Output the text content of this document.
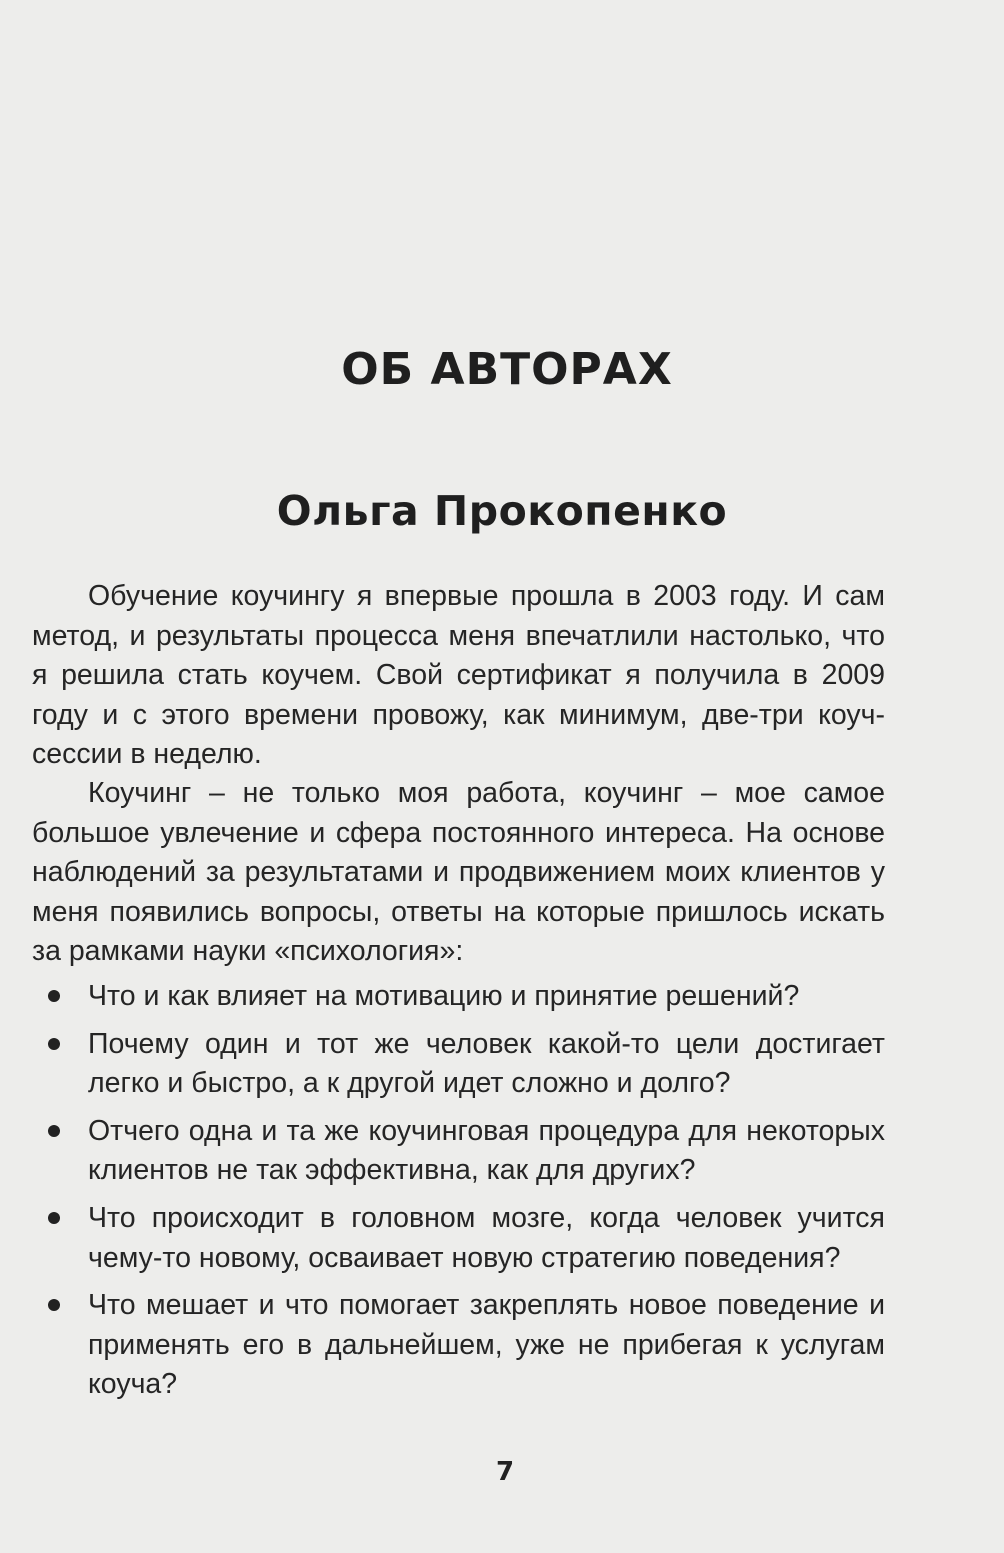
ОБ АВТОРАХ
Ольга Прокопенко

Обучение коучингу я впервые прошла в 2003 году. И сам метод, и результаты процесса меня впечатлили настолько, что я решила стать коучем. Свой сертификат я получила в 2009 году и с этого времени провожу, как минимум, две-три коуч-сессии в неделю.

Коучинг – не только моя работа, коучинг – мое самое большое увлечение и сфера постоянного интереса. На основе наблюдений за результатами и продвижением моих клиентов у меня появились вопросы, ответы на которые пришлось искать за рамками науки «психология»:

Что и как влияет на мотивацию и принятие решений?
Почему один и тот же человек какой-то цели достигает легко и быстро, а к другой идет сложно и долго?
Отчего одна и та же коучинговая процедура для некоторых клиентов не так эффективна, как для других?
Что происходит в головном мозге, когда человек учится чему-то новому, осваивает новую стратегию поведения?
Что мешает и что помогает закреплять новое поведение и применять его в дальнейшем, уже не прибегая к услугам коуча?
7
